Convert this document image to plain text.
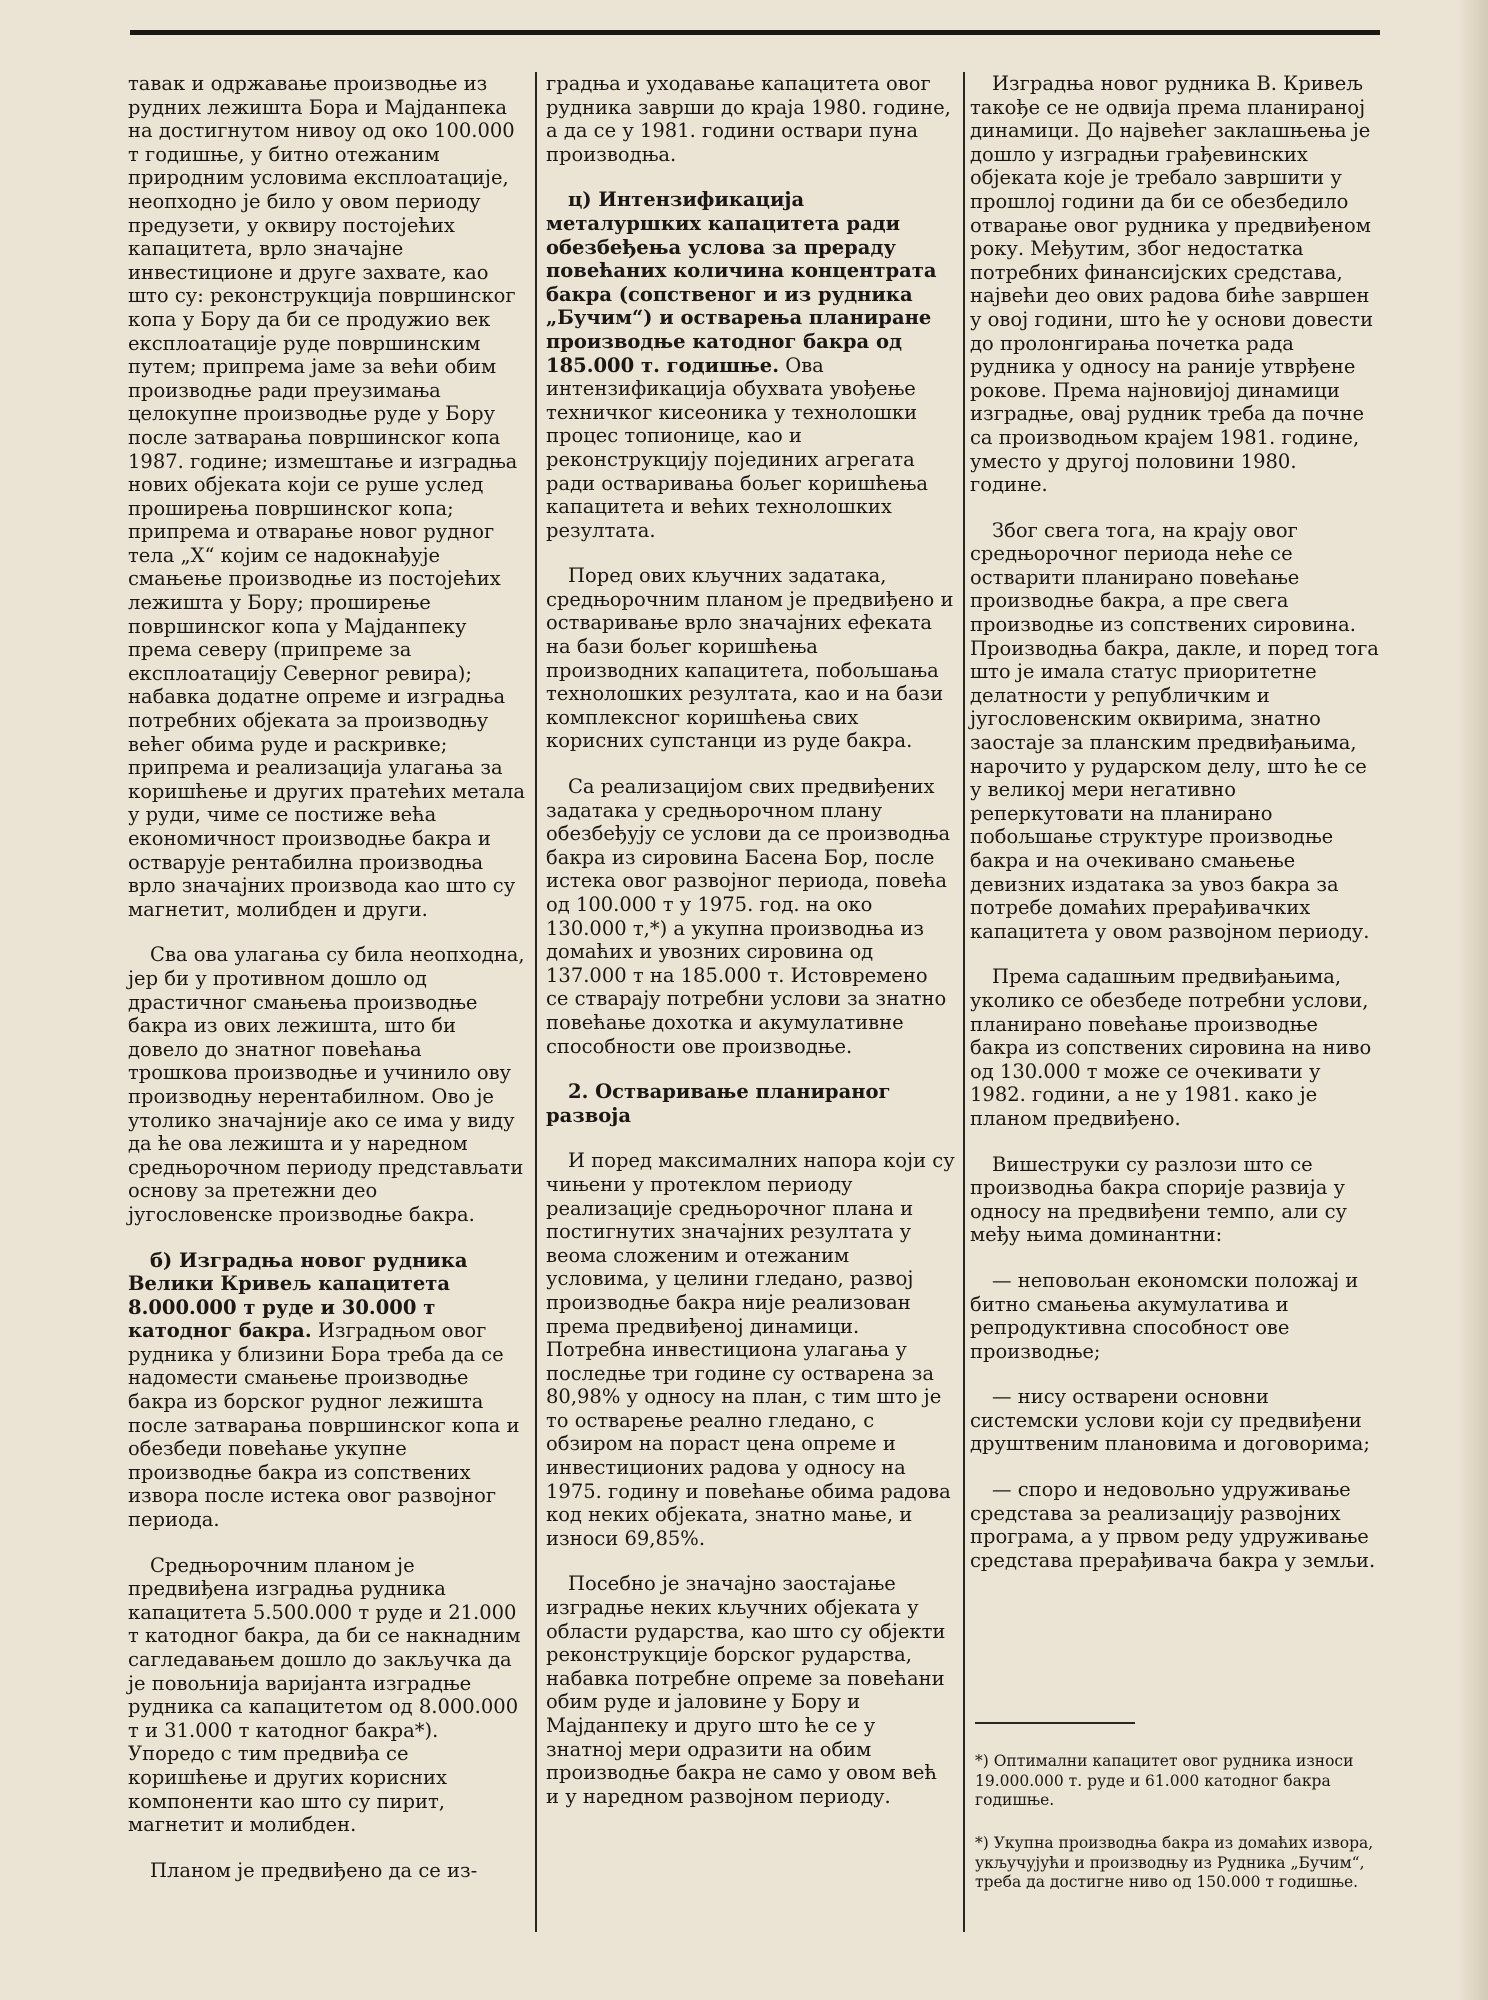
тавак и одржавање производње из рудних лежишта Бора и Мајданпека на достигнутом нивоу од око 100.000 т годишње, у битно отежаним природним условима експлоатације, неопходно је било у овом периоду предузети, у оквиру постојећих капацитета, врло значајне инвестиционе и друге захвате, као што су: реконструкција површинског копа у Бору да би се продужио век експлоатације руде површинским путем; припрема јаме за већи обим производње ради преузимања целокупне производње руде у Бору после затварања површинског копа 1987. године; измештање и изградња нових објеката који се руше услед проширења површинског копа; припрема и отварање новог рудног тела „X“ којим се надокнађује смањење производње из постојећих лежишта у Бору; проширење површинског копа у Мајданпеку према северу (припреме за експлоатацију Северног ревира); набавка додатне опреме и изградња потребних објеката за производњу већег обима руде и раскривке; припрема и реализација улагања за коришћење и других пратећих метала у руди, чиме се постиже већа економичност производње бакра и остварује рентабилна производња врло значајних производа као што су магнетит, молибден и други.

Сва ова улагања су била неопходна, јер би у противном дошло од драстичног смањења производње бакра из ових лежишта, што би довело до знатног повећања трошкова производње и учинило ову производњу нерентабилном. Ово је утолико значајније ако се има у виду да ће ова лежишта и у наредном средњорочном периоду представљати основу за претежни део југословенске производње бакра.

б) Изградња новог рудника Велики Кривељ капацитета 8.000.000 т руде и 30.000 т катодног бакра. Изградњом овог рудника у близини Бора треба да се надомести смањење производње бакра из борског рудног лежишта после затварања површинског копа и обезбеди повећање укупне производње бакра из сопствених извора после истека овог развојног периода.

Средњорочним планом је предвиђена изградња рудника капацитета 5.500.000 т руде и 21.000 т катодног бакра, да би се накнадним сагледавањем дошло до закључка да је повољнија варијанта изградње рудника са капацитетом од 8.000.000 т и 31.000 т катодног бакра*). Упоредо с тим предвиђа се коришћење и других корисних компоненти као што су пирит, магнетит и молибден.

Планом је предвиђено да се из-

градња и уходавање капацитета овог рудника заврши до краја 1980. године, а да се у 1981. години оствари пуна производња.

ц) Интензификација металуршких капацитета ради обезбеђења услова за прераду повећаних количина концентрата бакра (сопственог и из рудника „Бучим“) и остварења планиране производње катодног бакра од 185.000 т. годишње. Ова интензификација обухвата увођење техничког кисеоника у технолошки процес топионице, као и реконструкцију појединих агрегата ради остваривања бољег коришћења капацитета и већих технолошких резултата.

Поред ових кључних задатака, средњорочним планом је предвиђено и остваривање врло значајних ефеката на бази бољег коришћења производних капацитета, побољшања технолошких резултата, као и на бази комплексног коришћења свих корисних супстанци из руде бакра.

Са реализацијом свих предвиђених задатака у средњорочном плану обезбеђују се услови да се производња бакра из сировина Басена Бор, после истека овог развојног периода, повећа од 100.000 т у 1975. год. на око 130.000 т,*) а укупна производња из домаћих и увозних сировина од 137.000 т на 185.000 т. Истовремено се стварају потребни услови за знатно повећање дохотка и акумулативне способности ове производње.

2. Остваривање планираног развоја

И поред максималних напора који су чињени у протеклом периоду реализације средњорочног плана и постигнутих значајних резултата у веома сложеним и отежаним условима, у целини гледано, развој производње бакра није реализован према предвиђеној динамици. Потребна инвестициона улагања у последње три године су остварена за 80,98% у односу на план, с тим што је то остварење реално гледано, с обзиром на пораст цена опреме и инвестиционих радова у односу на 1975. годину и повећање обима радова код неких објеката, знатно мање, и износи 69,85%.

Посебно је значајно заостајање изградње неких кључних објеката у области рударства, као што су објекти реконструкције борског рударства, набавка потребне опреме за повећани обим руде и јаловине у Бору и Мајданпеку и друго што ће се у знатној мери одразити на обим производње бакра не само у овом већ и у наредном развојном периоду.

Изградња новог рудника В. Кривељ такође се не одвија према планираној динамици. До највећег заклашњења је дошло у изградњи грађевинских објеката које је требало завршити у прошлој години да би се обезбедило отварање овог рудника у предвиђеном року. Међутим, због недостатка потребних финансијских средстава, највећи део ових радова биће завршен у овој години, што ће у основи довести до пролонгирања почетка рада рудника у односу на раније утврђене рокове. Према најновијој динамици изградње, овај рудник треба да почне са производњом крајем 1981. године, уместо у другој половини 1980. године.

Због свега тога, на крају овог средњорочног периода неће се остварити планирано повећање производње бакра, а пре свега производње из сопствених сировина. Производња бакра, дакле, и поред тога што је имала статус приоритетне делатности у републичким и југословенским оквирима, знатно заостаје за планским предвиђањима, нарочито у рударском делу, што ће се у великој мери негативно реперкутовати на планирано побољшање структуре производње бакра и на очекивано смањење девизних издатака за увоз бакра за потребе домаћих прерађивачких капацитета у овом развојном периоду.

Према садашњим предвиђањима, уколико се обезбеде потребни услови, планирано повећање производње бакра из сопствених сировина на ниво од 130.000 т може се очекивати у 1982. години, а не у 1981. како је планом предвиђено.

Вишеструки су разлози што се производња бакра спорије развија у односу на предвиђени темпо, али су међу њима доминантни:

— неповољан економски положај и битно смањења акумулатива и репродуктивна способност ове производње;

— нису остварени основни системски услови који су предвиђени друштвеним плановима и договорима;

— споро и недовољно удруживање средстава за реализацију развојних програма, а у првом реду удруживање средстава прерађивача бакра у земљи.

*) Оптимални капацитет овог рудника износи 19.000.000 т. руде и 61.000 катодног бакра годишње.
*) Укупна производња бакра из домаћих извора, укључујући и производњу из Рудника „Бучим“, треба да достигне ниво од 150.000 т годишње.
